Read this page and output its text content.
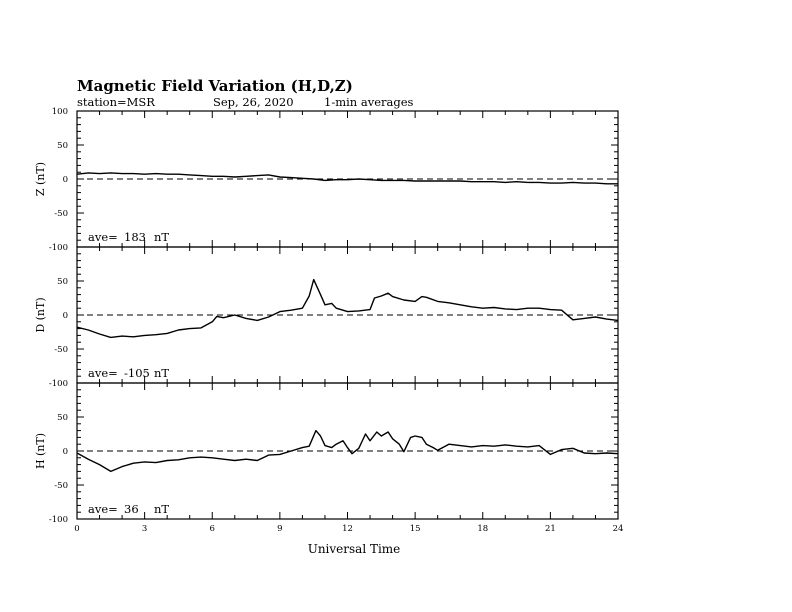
Magnetic Field Variation (H,D,Z)
station=MSR	Sep, 26, 2020	1-min averages
100
50
0
-50
-100
Z (nT)
ave= 183 nT
50
0
-50
-100
D (nT)
ave= -105 nT
50
0
-50
-100
H (nT)
ave= 36 nT
0	3	6	9	12	15	18	21	24
Universal Time
